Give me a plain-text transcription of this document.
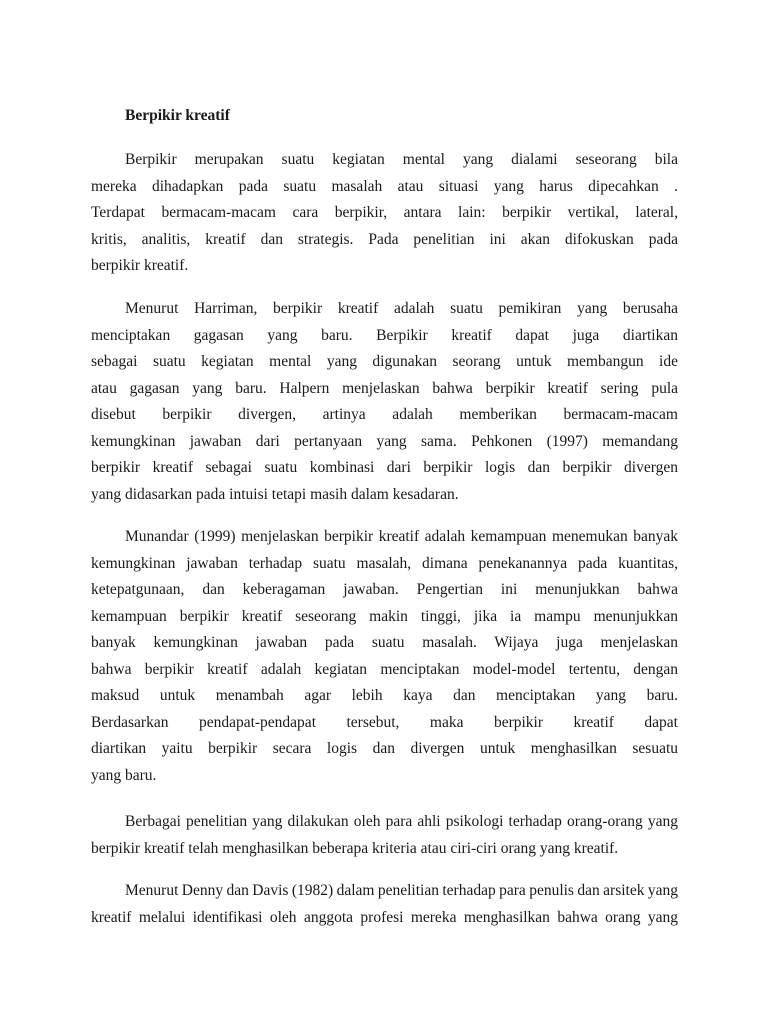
Berpikir kreatif
Berpikir merupakan suatu kegiatan mental yang dialami seseorang bila
mereka dihadapkan pada suatu masalah atau situasi yang harus dipecahkan .
Terdapat bermacam-macam cara berpikir, antara lain: berpikir vertikal, lateral,
kritis, analitis, kreatif dan strategis. Pada penelitian ini akan difokuskan pada
berpikir kreatif.
Menurut Harriman, berpikir kreatif adalah suatu pemikiran yang berusaha
menciptakan gagasan yang baru. Berpikir kreatif dapat juga diartikan
sebagai suatu kegiatan mental yang digunakan seorang untuk membangun ide
atau gagasan yang baru. Halpern menjelaskan bahwa berpikir kreatif sering pula
disebut berpikir divergen, artinya adalah memberikan bermacam-macam
kemungkinan jawaban dari pertanyaan yang sama. Pehkonen (1997) memandang
berpikir kreatif sebagai suatu kombinasi dari berpikir logis dan berpikir divergen
yang didasarkan pada intuisi tetapi masih dalam kesadaran.
Munandar (1999) menjelaskan berpikir kreatif adalah kemampuan menemukan banyak
kemungkinan jawaban terhadap suatu masalah, dimana penekanannya pada kuantitas,
ketepatgunaan, dan keberagaman jawaban. Pengertian ini menunjukkan bahwa
kemampuan berpikir kreatif seseorang makin tinggi, jika ia mampu menunjukkan
banyak kemungkinan jawaban pada suatu masalah. Wijaya juga menjelaskan
bahwa berpikir kreatif adalah kegiatan menciptakan model-model tertentu, dengan
maksud untuk menambah agar lebih kaya dan menciptakan yang baru.
Berdasarkan pendapat-pendapat tersebut, maka berpikir kreatif dapat
diartikan yaitu berpikir secara logis dan divergen untuk menghasilkan sesuatu
yang baru.
Berbagai penelitian yang dilakukan oleh para ahli psikologi terhadap orang-orang yang
berpikir kreatif telah menghasilkan beberapa kriteria atau ciri-ciri orang yang kreatif.
Menurut Denny dan Davis (1982) dalam penelitian terhadap para penulis dan arsitek yang
kreatif melalui identifikasi oleh anggota profesi mereka menghasilkan bahwa orang yang
